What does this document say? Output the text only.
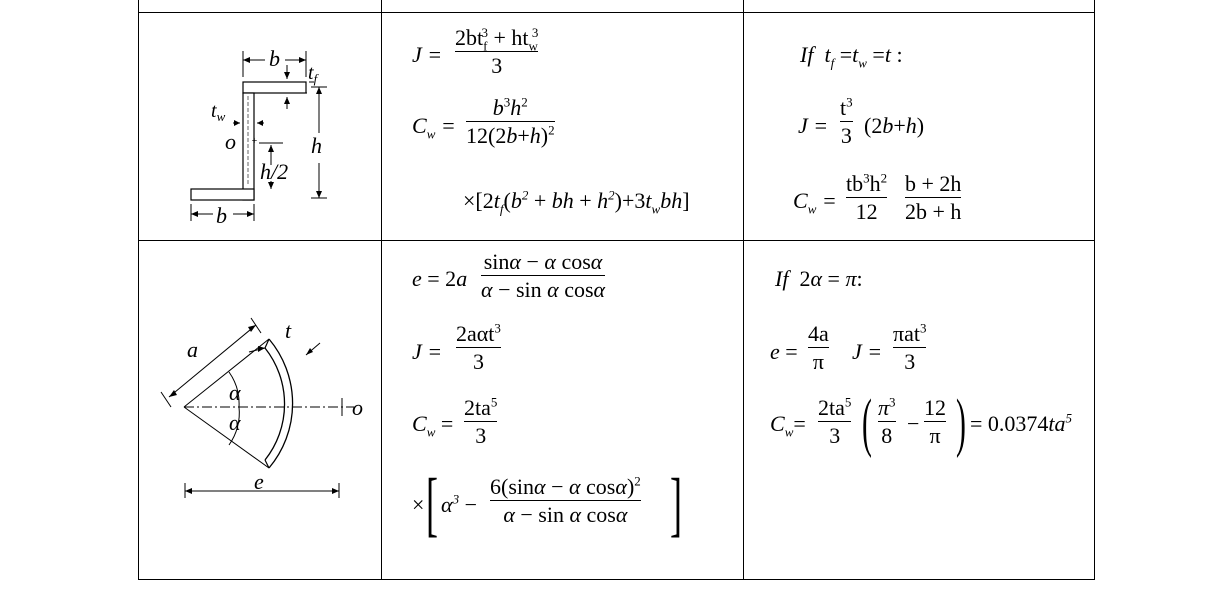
+
b
$t_f$
$t_w$
o	h
h/2
b
J =
$2bt_f^3 + ht_w^3$
3
$C_w$ =
$b^3h^2$
$12(2b+h)^2$
$\times[2t_f(b^2$ + bh + $h^2)+3t_wbh$]
If  $t_f =t_w =t$ :
J =
$t^3$
3 (2b+h)
$C_w$ =
$tb^3h^2$
12
b + 2h
2b + h
a
t
α
α
o
e
e = 2a
sinα − α cosα
α − sin α cosα
J =
2aαt$^3$
3
$C_w$ =
$2ta^5$
3
× [ $\alpha^3$ −
6(sinα − α cosα)$^2$
α − sin α cosα ]
If  2α = π:
e =
4a
π J =
πat$^3$
3
$C_w=$
$2ta^5$
3 ( $\pi^3$
8 −
12
π ) = $0.0374ta^5$
